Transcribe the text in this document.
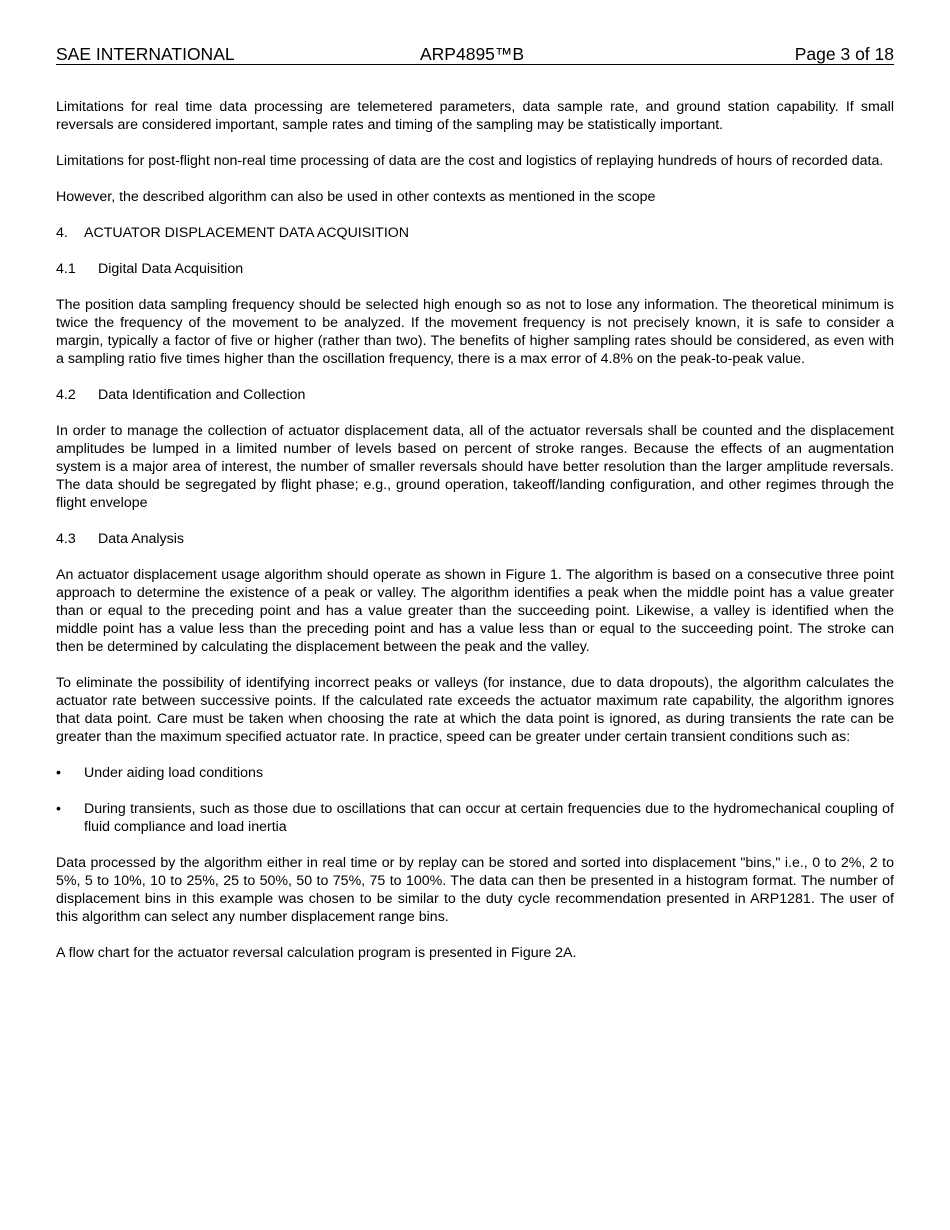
SAE INTERNATIONAL	ARP4895™B	Page 3 of 18

Limitations for real time data processing are telemetered parameters, data sample rate, and ground station capability. If small reversals are considered important, sample rates and timing of the sampling may be statistically important.

Limitations for post-flight non-real time processing of data are the cost and logistics of replaying hundreds of hours of recorded data.

However, the described algorithm can also be used in other contexts as mentioned in the scope

4. ACTUATOR DISPLACEMENT DATA ACQUISITION
4.1 Digital Data Acquisition

The position data sampling frequency should be selected high enough so as not to lose any information. The theoretical minimum is twice the frequency of the movement to be analyzed. If the movement frequency is not precisely known, it is safe to consider a margin, typically a factor of five or higher (rather than two). The benefits of higher sampling rates should be considered, as even with a sampling ratio five times higher than the oscillation frequency, there is a max error of 4.8% on the peak-to-peak value.

4.2 Data Identification and Collection

In order to manage the collection of actuator displacement data, all of the actuator reversals shall be counted and the displacement amplitudes be lumped in a limited number of levels based on percent of stroke ranges. Because the effects of an augmentation system is a major area of interest, the number of smaller reversals should have better resolution than the larger amplitude reversals. The data should be segregated by flight phase; e.g., ground operation, takeoff/landing configuration, and other regimes through the flight envelope

4.3 Data Analysis

An actuator displacement usage algorithm should operate as shown in Figure 1. The algorithm is based on a consecutive three point approach to determine the existence of a peak or valley. The algorithm identifies a peak when the middle point has a value greater than or equal to the preceding point and has a value greater than the succeeding point. Likewise, a valley is identified when the middle point has a value less than the preceding point and has a value less than or equal to the succeeding point. The stroke can then be determined by calculating the displacement between the peak and the valley.

To eliminate the possibility of identifying incorrect peaks or valleys (for instance, due to data dropouts), the algorithm calculates the actuator rate between successive points. If the calculated rate exceeds the actuator maximum rate capability, the algorithm ignores that data point. Care must be taken when choosing the rate at which the data point is ignored, as during transients the rate can be greater than the maximum specified actuator rate. In practice, speed can be greater under certain transient conditions such as:

• Under aiding load conditions
• During transients, such as those due to oscillations that can occur at certain frequencies due to the hydromechanical coupling of fluid compliance and load inertia

Data processed by the algorithm either in real time or by replay can be stored and sorted into displacement "bins," i.e., 0 to 2%, 2 to 5%, 5 to 10%, 10 to 25%, 25 to 50%, 50 to 75%, 75 to 100%. The data can then be presented in a histogram format. The number of displacement bins in this example was chosen to be similar to the duty cycle recommendation presented in ARP1281. The user of this algorithm can select any number displacement range bins.

A flow chart for the actuator reversal calculation program is presented in Figure 2A.
